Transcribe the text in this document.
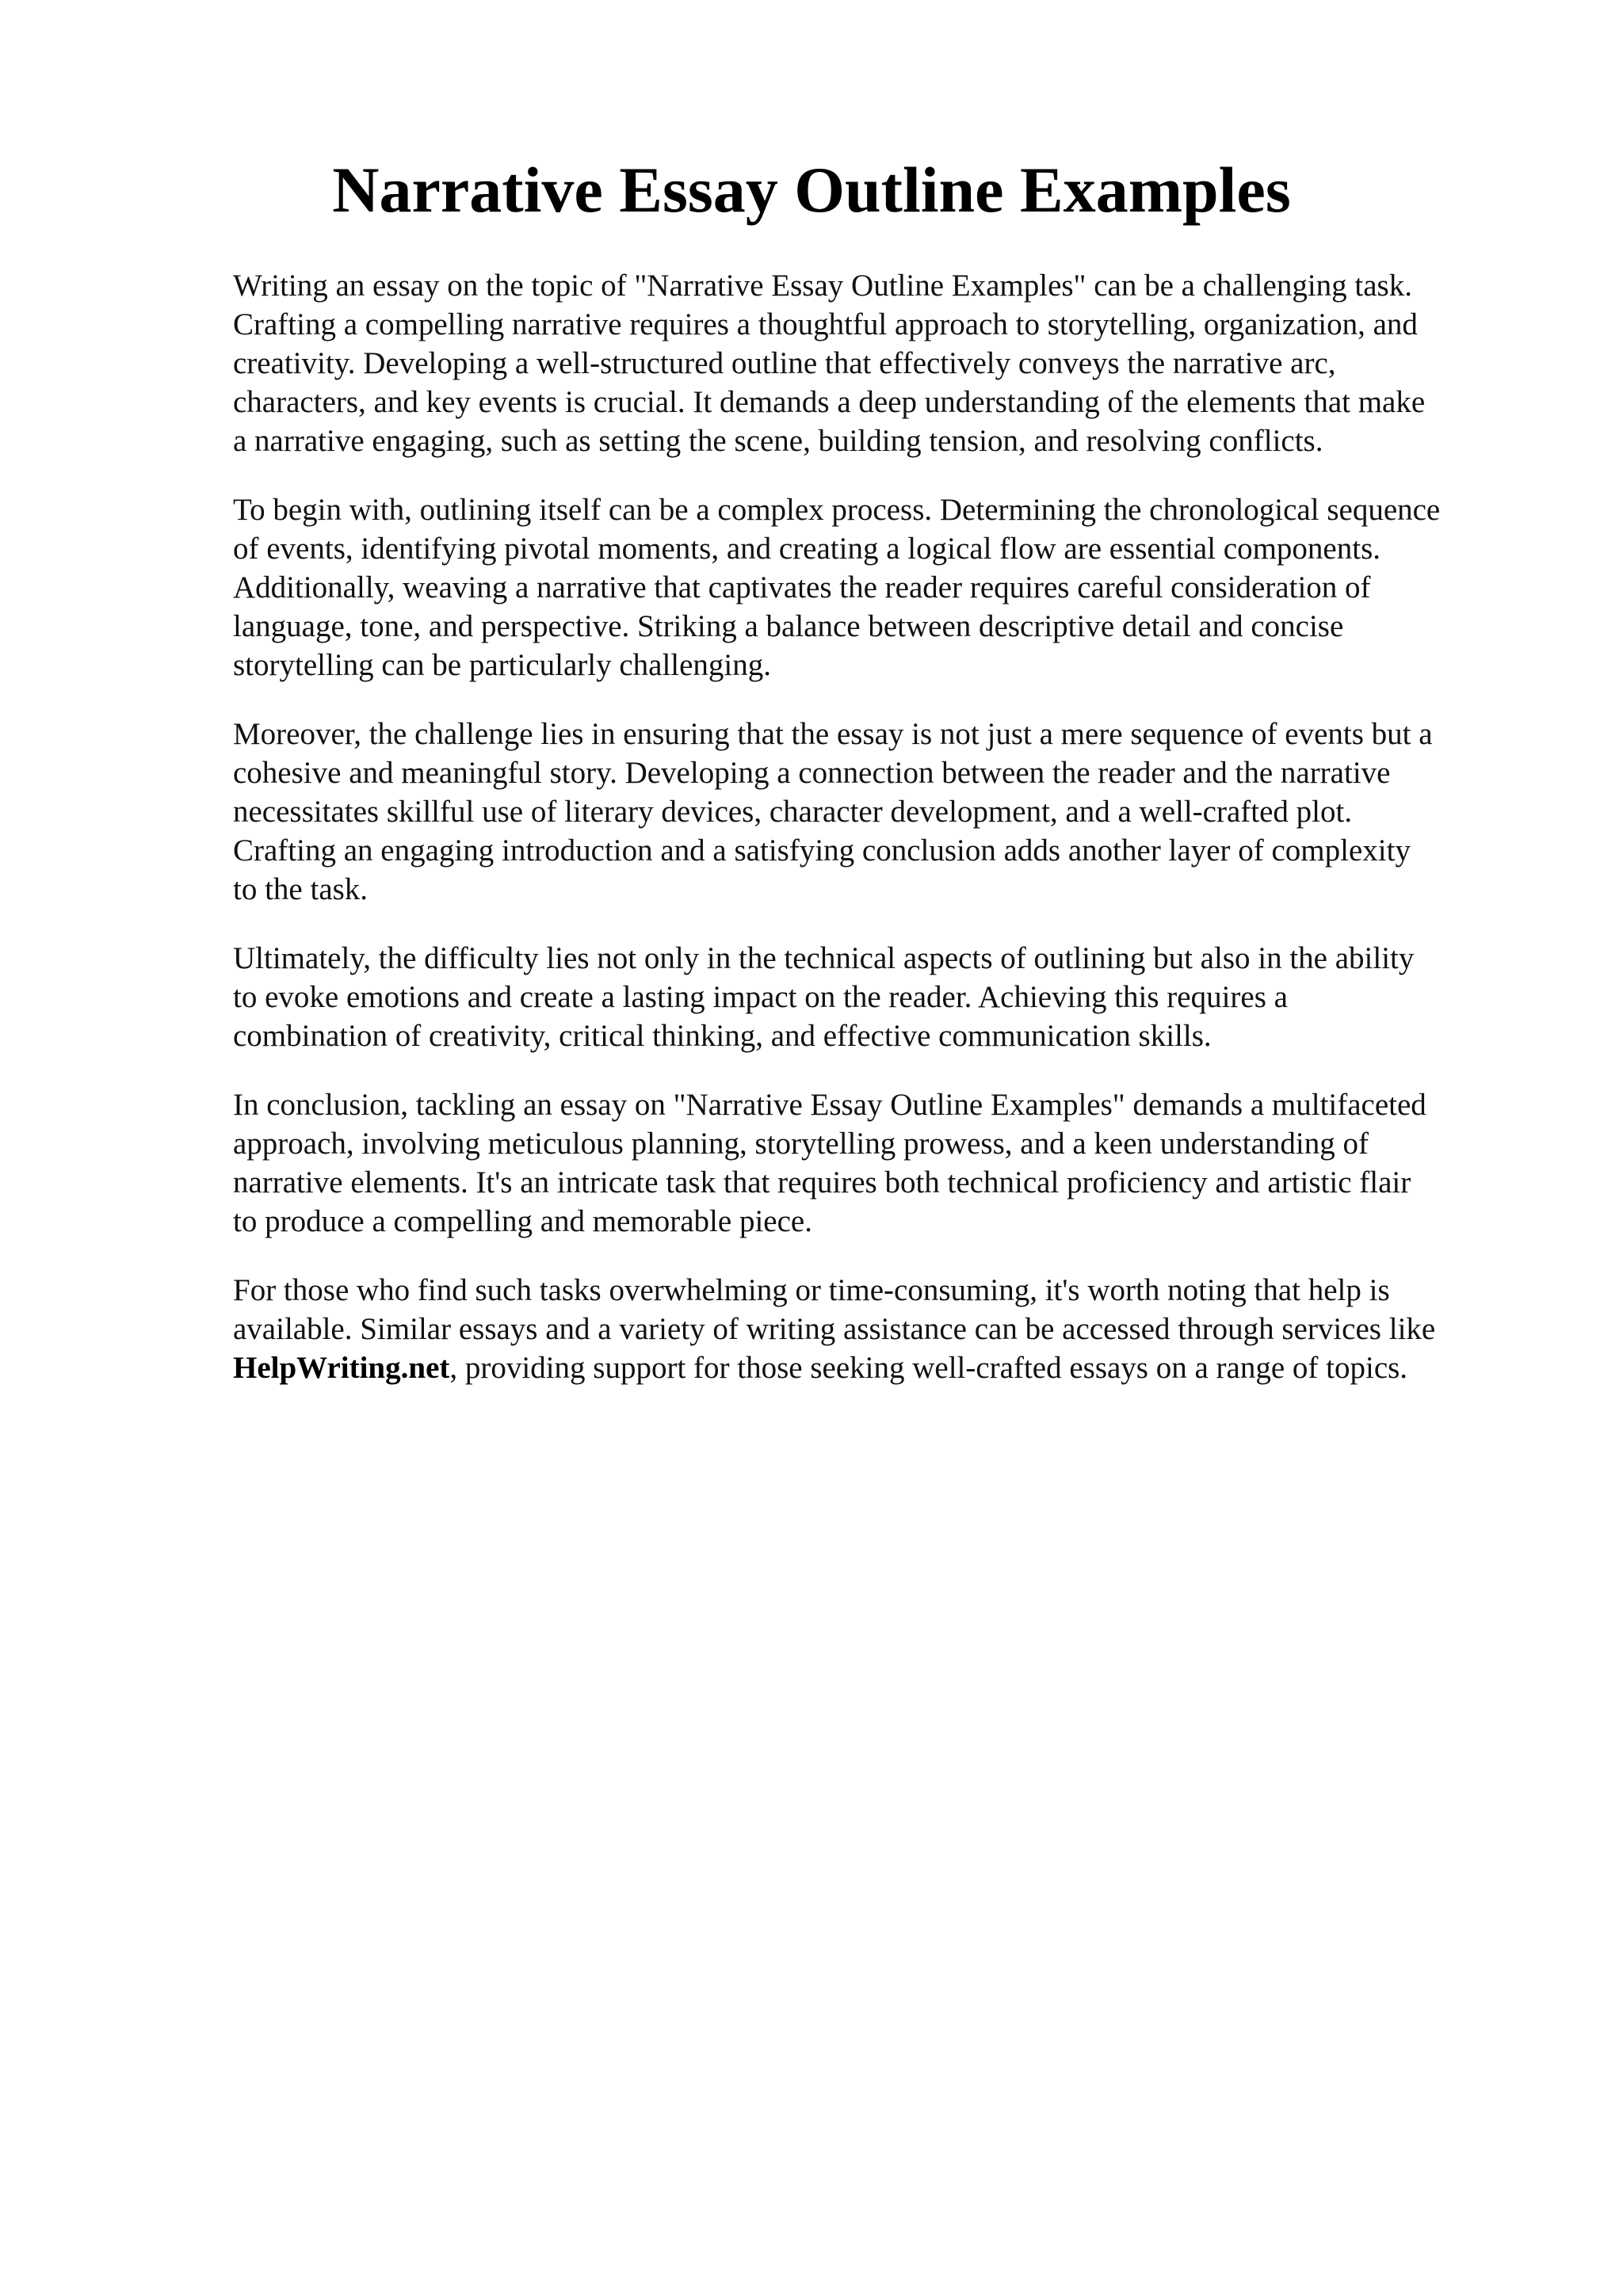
Narrative Essay Outline Examples

Writing an essay on the topic of "Narrative Essay Outline Examples" can be a challenging task.
Crafting a compelling narrative requires a thoughtful approach to storytelling, organization, and
creativity. Developing a well-structured outline that effectively conveys the narrative arc,
characters, and key events is crucial. It demands a deep understanding of the elements that make
a narrative engaging, such as setting the scene, building tension, and resolving conflicts.

To begin with, outlining itself can be a complex process. Determining the chronological sequence
of events, identifying pivotal moments, and creating a logical flow are essential components.
Additionally, weaving a narrative that captivates the reader requires careful consideration of
language, tone, and perspective. Striking a balance between descriptive detail and concise
storytelling can be particularly challenging.

Moreover, the challenge lies in ensuring that the essay is not just a mere sequence of events but a
cohesive and meaningful story. Developing a connection between the reader and the narrative
necessitates skillful use of literary devices, character development, and a well-crafted plot.
Crafting an engaging introduction and a satisfying conclusion adds another layer of complexity
to the task.

Ultimately, the difficulty lies not only in the technical aspects of outlining but also in the ability
to evoke emotions and create a lasting impact on the reader. Achieving this requires a
combination of creativity, critical thinking, and effective communication skills.

In conclusion, tackling an essay on "Narrative Essay Outline Examples" demands a multifaceted
approach, involving meticulous planning, storytelling prowess, and a keen understanding of
narrative elements. It's an intricate task that requires both technical proficiency and artistic flair
to produce a compelling and memorable piece.

For those who find such tasks overwhelming or time-consuming, it's worth noting that help is
available. Similar essays and a variety of writing assistance can be accessed through services like
HelpWriting.net, providing support for those seeking well-crafted essays on a range of topics.
